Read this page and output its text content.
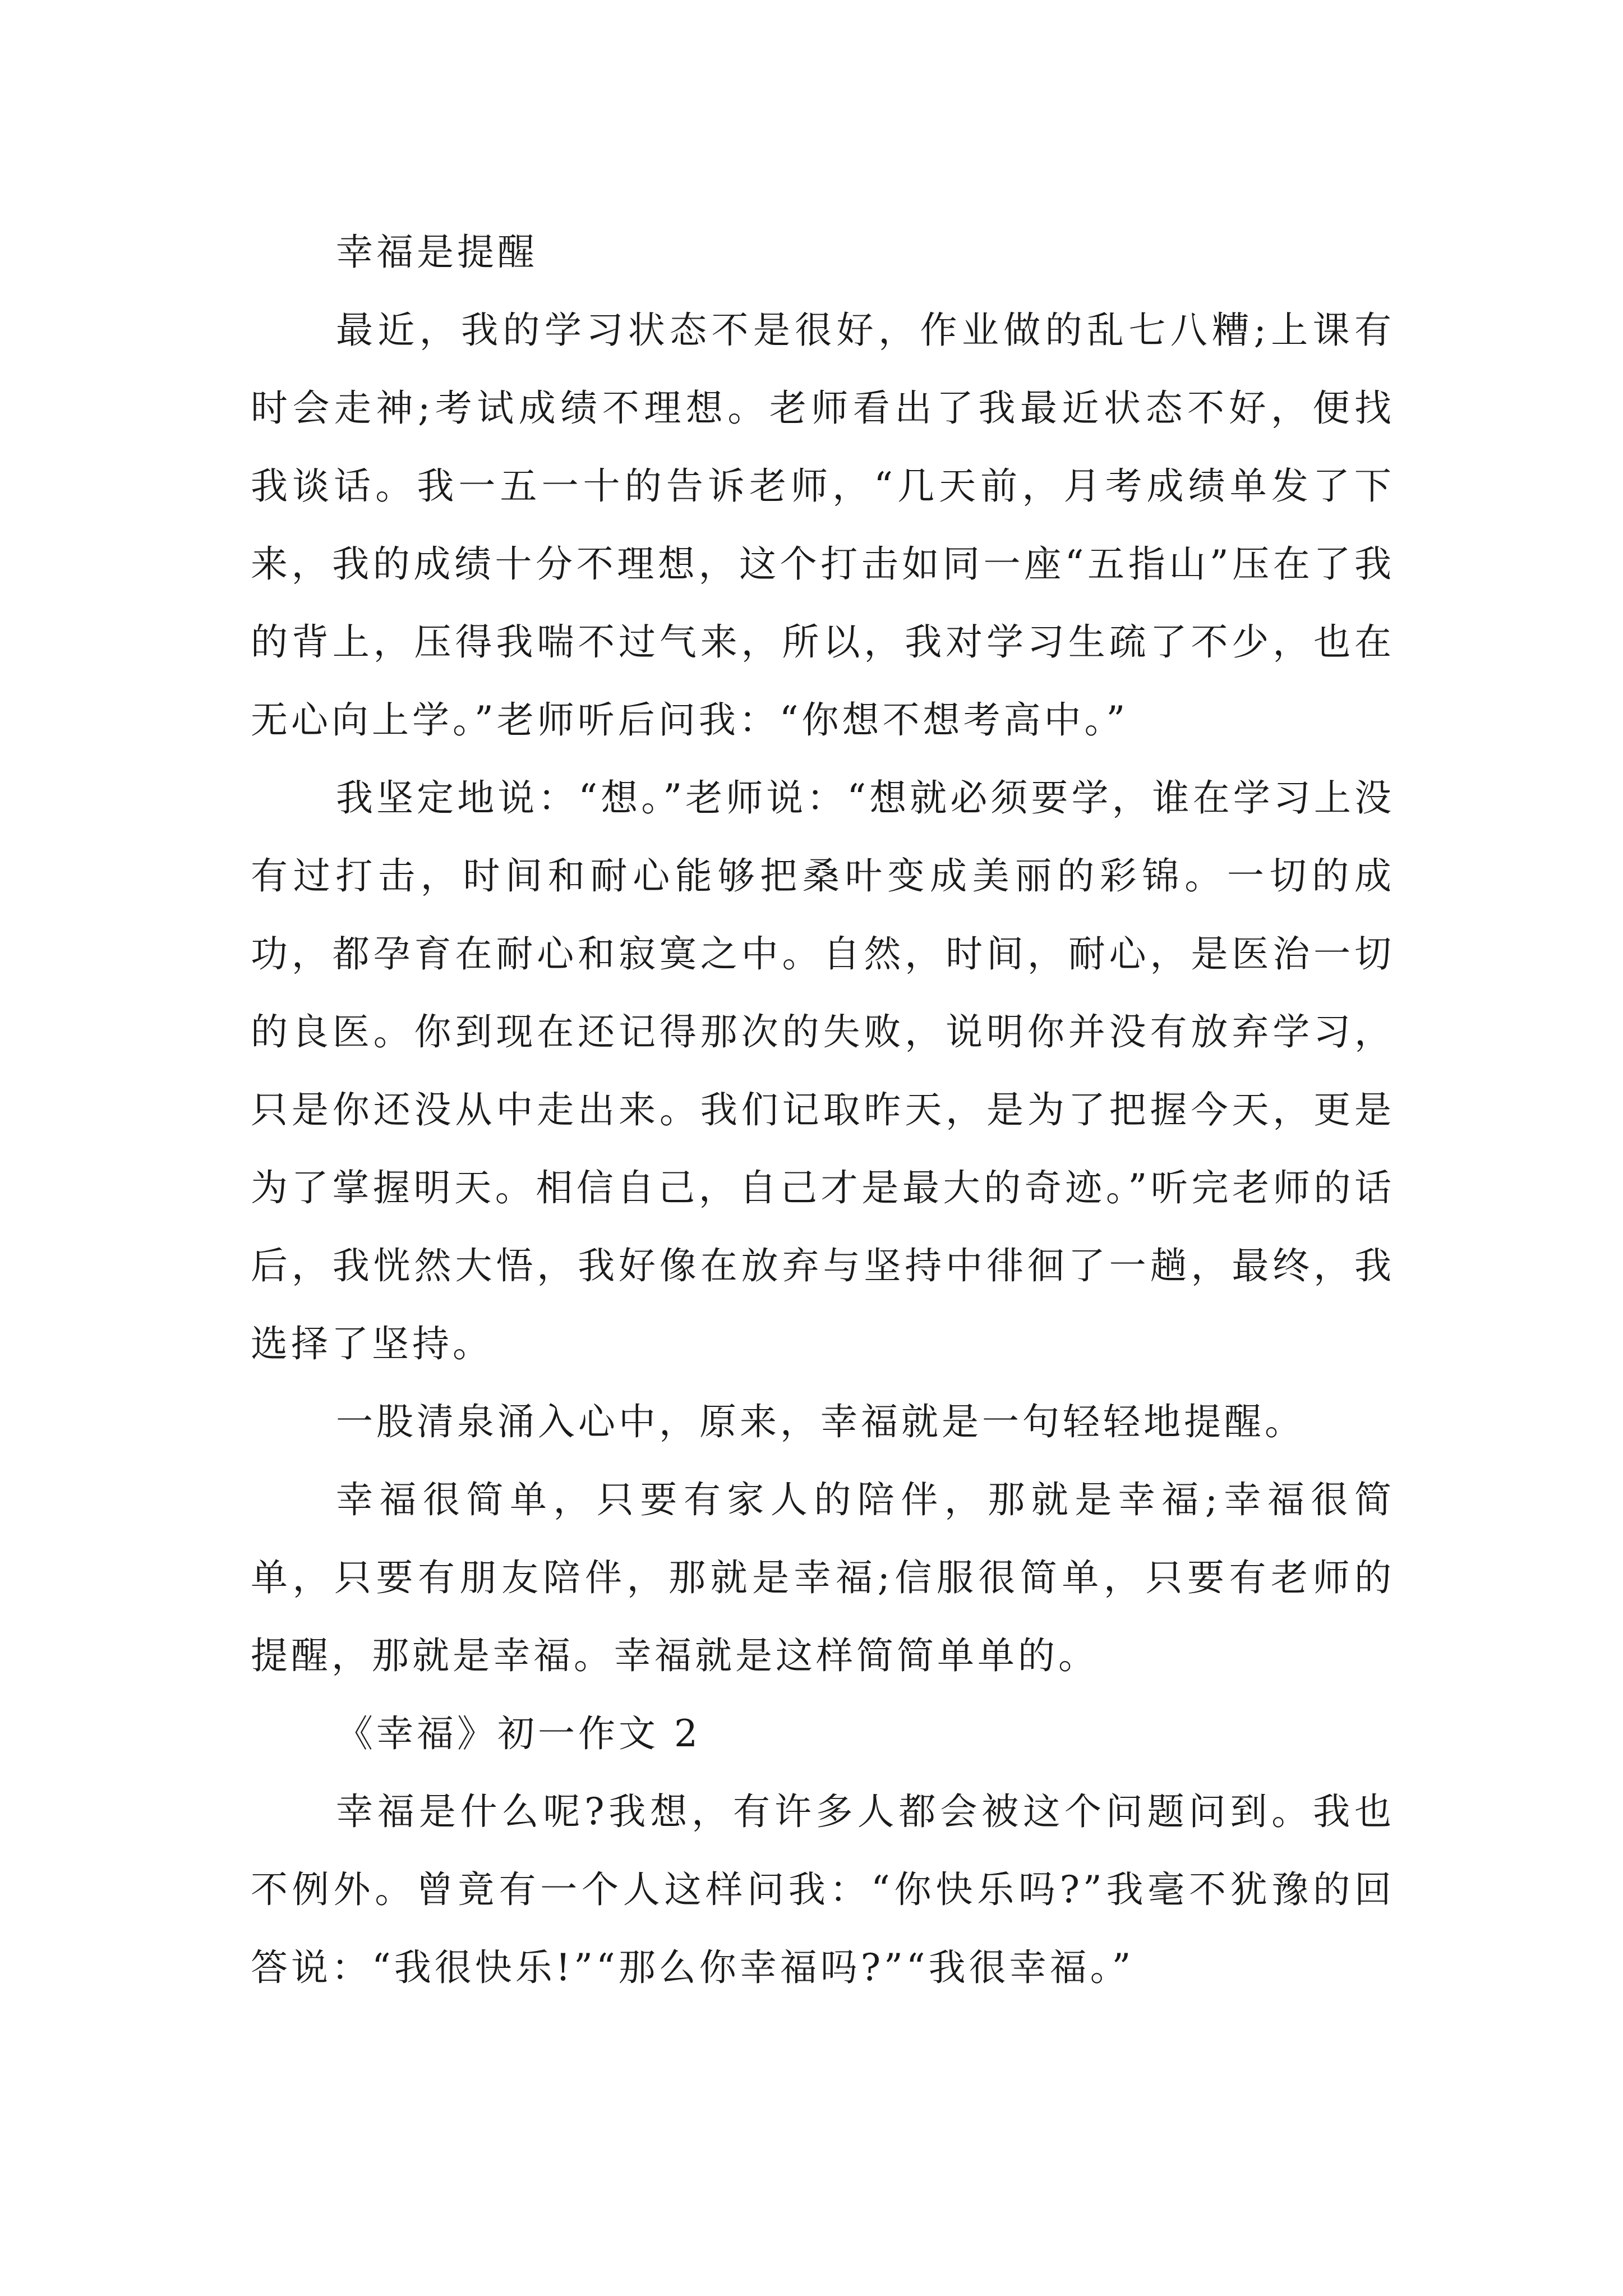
幸福是提醒

最近，我的学习状态不是很好，作业做的乱七八糟;上课有时会走神;考试成绩不理想。老师看出了我最近状态不好，便找我谈话。我一五一十的告诉老师，“几天前，月考成绩单发了下来，我的成绩十分不理想，这个打击如同一座“五指山”压在了我的背上，压得我喘不过气来，所以，我对学习生疏了不少，也在无心向上学。”老师听后问我：“你想不想考高中。”

我坚定地说：“想。”老师说：“想就必须要学，谁在学习上没有过打击，时间和耐心能够把桑叶变成美丽的彩锦。一切的成功，都孕育在耐心和寂寞之中。自然，时间，耐心，是医治一切的良医。你到现在还记得那次的失败，说明你并没有放弃学习，只是你还没从中走出来。我们记取昨天，是为了把握今天，更是为了掌握明天。相信自己，自己才是最大的奇迹。”听完老师的话后，我恍然大悟，我好像在放弃与坚持中徘徊了一趟，最终，我选择了坚持。

一股清泉涌入心中，原来，幸福就是一句轻轻地提醒。

幸福很简单，只要有家人的陪伴，那就是幸福;幸福很简单，只要有朋友陪伴，那就是幸福;信服很简单，只要有老师的提醒，那就是幸福。幸福就是这样简简单单的。

《幸福》初一作文 2

幸福是什么呢?我想，有许多人都会被这个问题问到。我也不例外。曾竟有一个人这样问我：“你快乐吗?”我毫不犹豫的回答说：“我很快乐!”“那么你幸福吗?”“我很幸福。”
